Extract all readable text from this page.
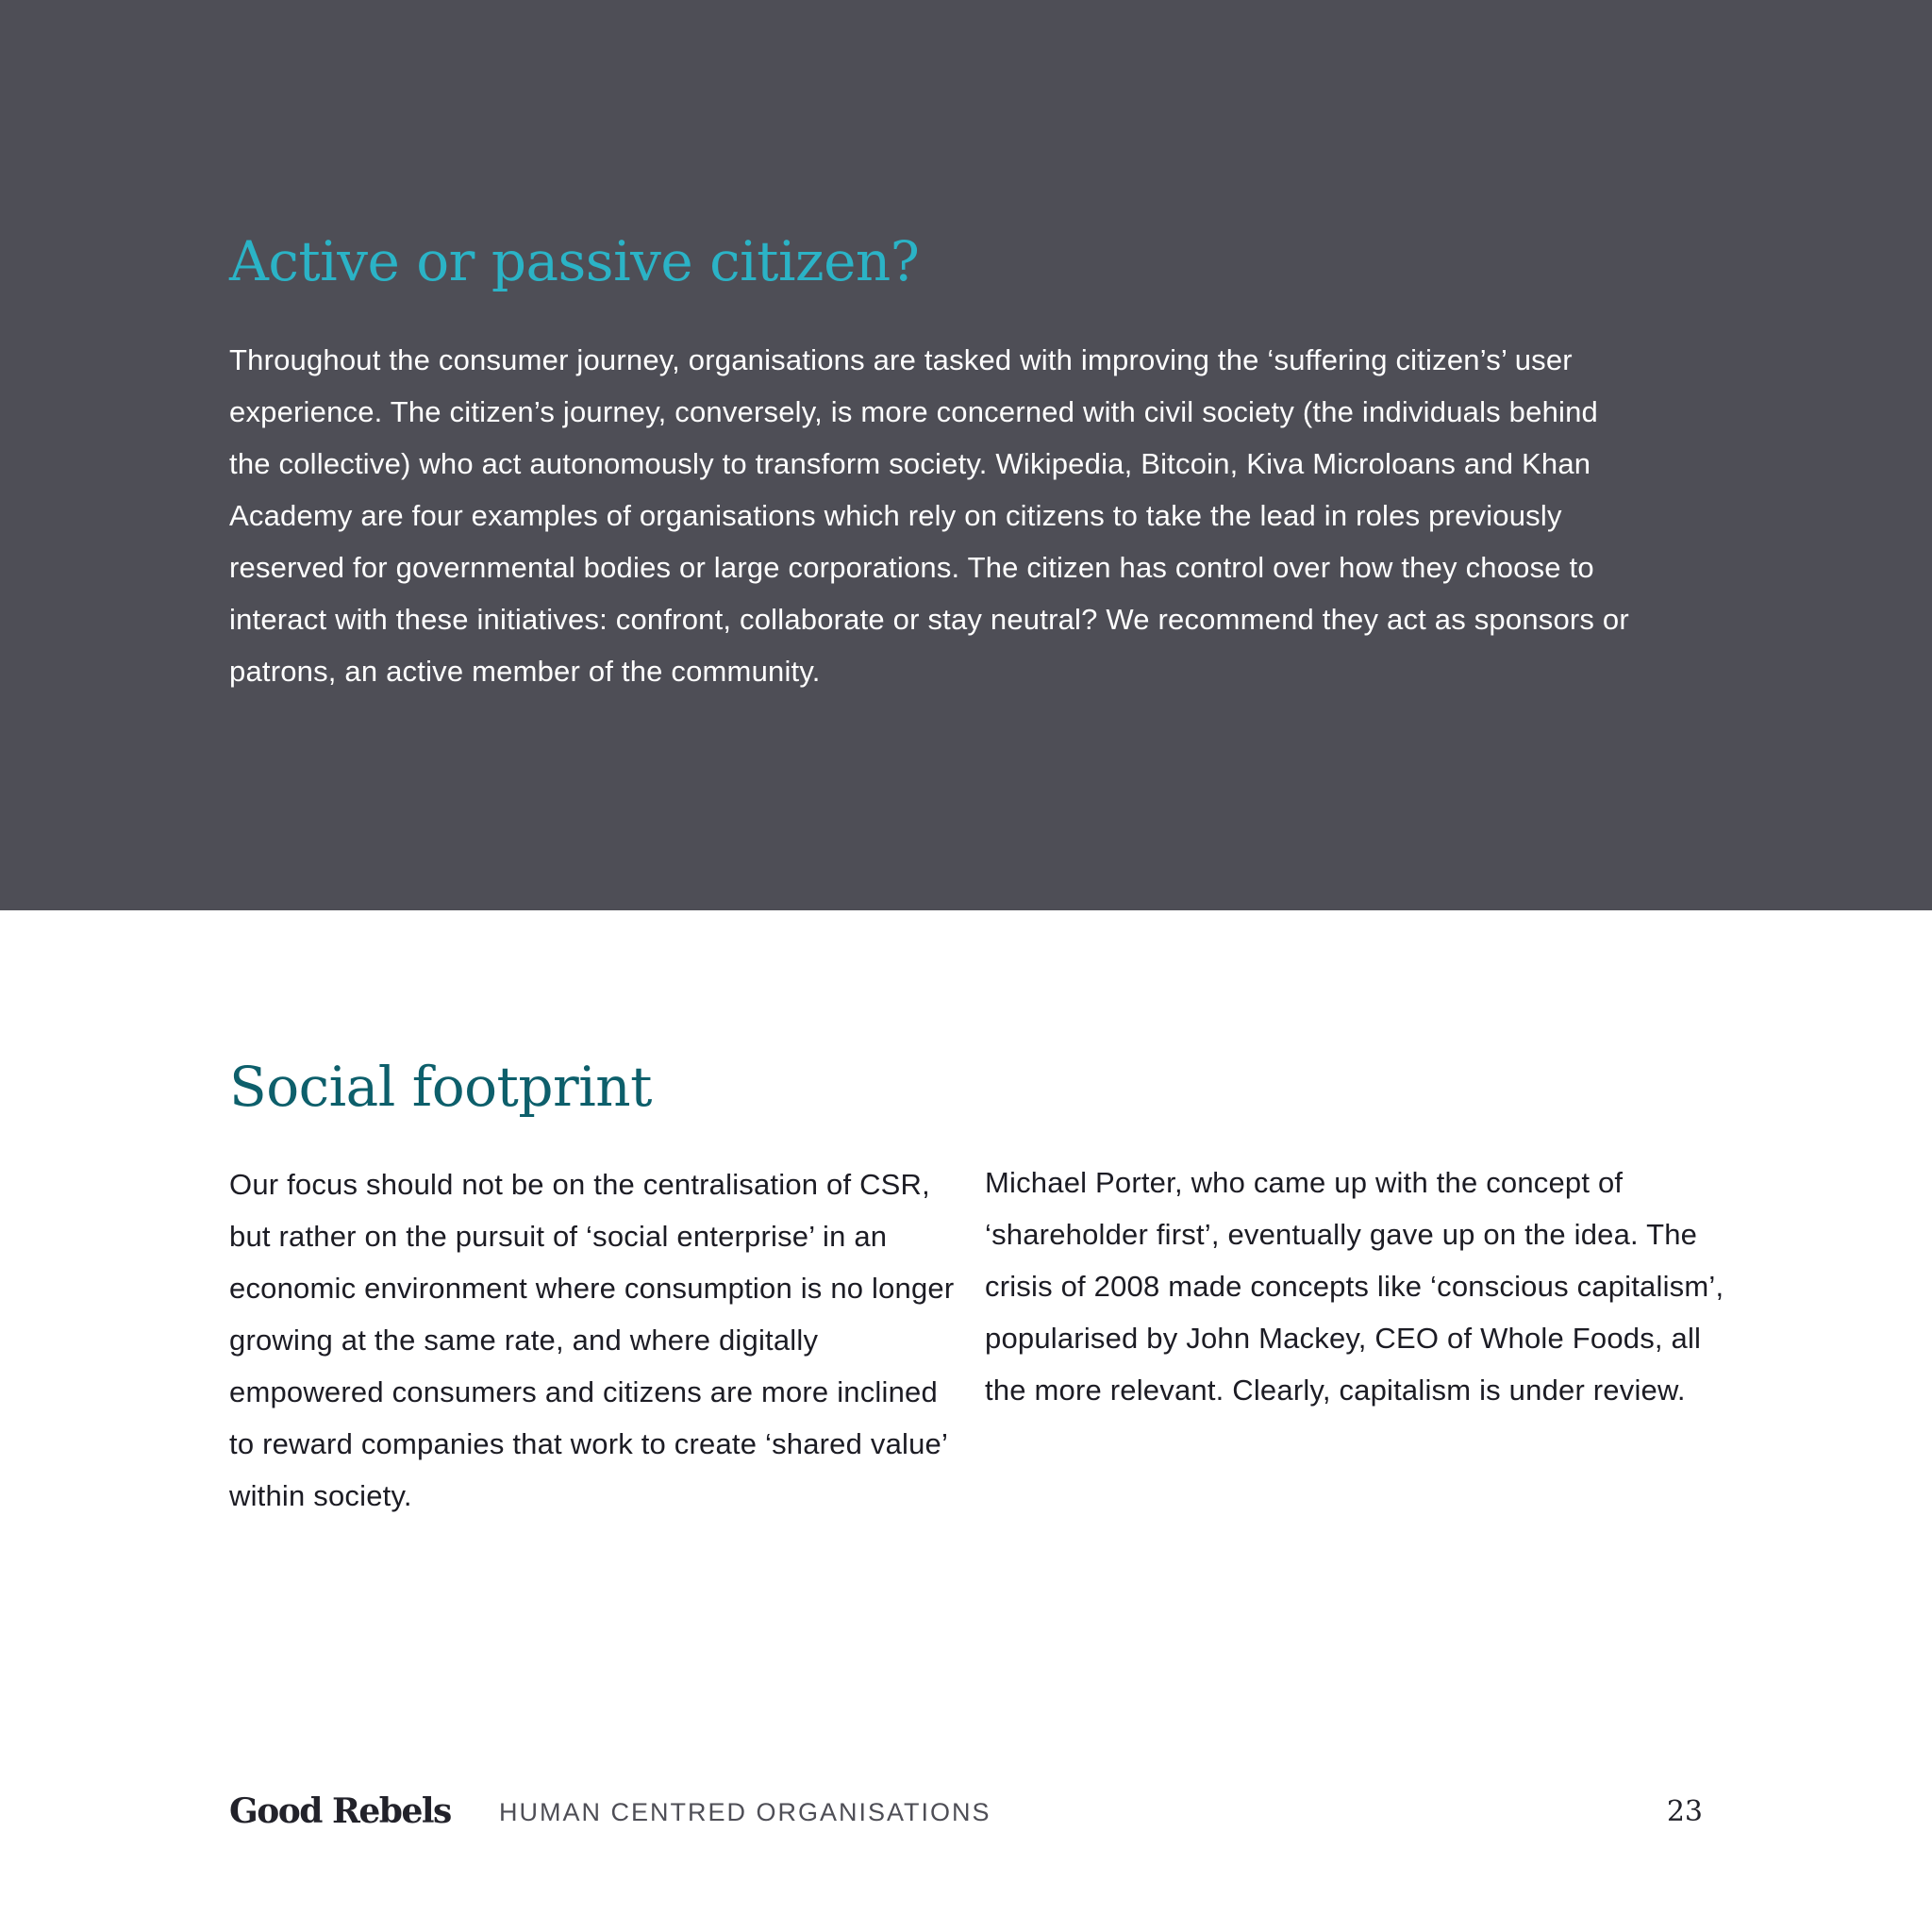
Active or passive citizen?

Throughout the consumer journey, organisations are tasked with improving the ‘suffering citizen’s’ user experience. The citizen’s journey, conversely, is more concerned with civil society (the individuals behind the collective) who act autonomously to transform society. Wikipedia, Bitcoin, Kiva Microloans and Khan Academy are four examples of organisations which rely on citizens to take the lead in roles previously reserved for governmental bodies or large corporations. The citizen has control over how they choose to interact with these initiatives: confront, collaborate or stay neutral? We recommend they act as sponsors or patrons, an active member of the community.

Social footprint

Our focus should not be on the centralisation of CSR, but rather on the pursuit of ‘social enterprise’ in an economic environment where consumption is no longer growing at the same rate, and where digitally empowered consumers and citizens are more inclined to reward companies that work to create ‘shared value’ within society.

Michael Porter, who came up with the concept of ‘shareholder first’, eventually gave up on the idea. The crisis of 2008 made concepts like ‘conscious capitalism’, popularised by John Mackey, CEO of Whole Foods, all the more relevant. Clearly, capitalism is under review.

Good Rebels HUMAN CENTRED ORGANISATIONS	23
